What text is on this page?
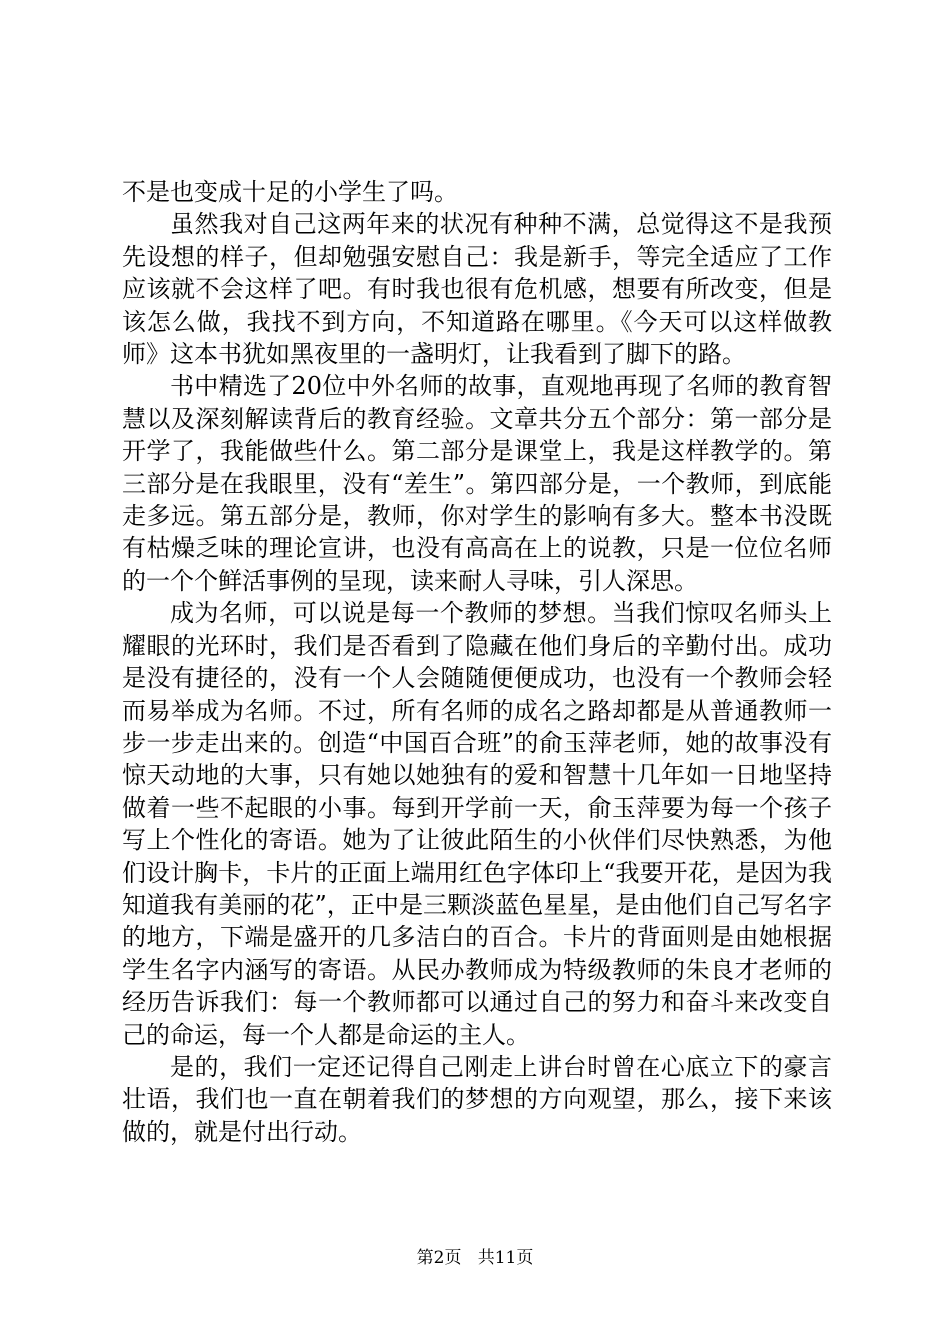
不是也变成十足的小学生了吗。

虽然我对自己这两年来的状况有种种不满，总觉得这不是我预先设想的样子，但却勉强安慰自己：我是新手，等完全适应了工作应该就不会这样了吧。有时我也很有危机感，想要有所改变，但是该怎么做，我找不到方向，不知道路在哪里。《今天可以这样做教师》这本书犹如黑夜里的一盏明灯，让我看到了脚下的路。

书中精选了20位中外名师的故事，直观地再现了名师的教育智慧以及深刻解读背后的教育经验。文章共分五个部分：第一部分是开学了，我能做些什么。第二部分是课堂上，我是这样教学的。第三部分是在我眼里，没有“差生”。第四部分是，一个教师，到底能走多远。第五部分是，教师，你对学生的影响有多大。整本书没既有枯燥乏味的理论宣讲，也没有高高在上的说教，只是一位位名师的一个个鲜活事例的呈现，读来耐人寻味，引人深思。

成为名师，可以说是每一个教师的梦想。当我们惊叹名师头上耀眼的光环时，我们是否看到了隐藏在他们身后的辛勤付出。成功是没有捷径的，没有一个人会随随便便成功，也没有一个教师会轻而易举成为名师。不过，所有名师的成名之路却都是从普通教师一步一步走出来的。创造“中国百合班”的俞玉萍老师，她的故事没有惊天动地的大事，只有她以她独有的爱和智慧十几年如一日地坚持做着一些不起眼的小事。每到开学前一天，俞玉萍要为每一个孩子写上个性化的寄语。她为了让彼此陌生的小伙伴们尽快熟悉，为他们设计胸卡，卡片的正面上端用红色字体印上“我要开花，是因为我知道我有美丽的花”，正中是三颗淡蓝色星星，是由他们自己写名字的地方，下端是盛开的几多洁白的百合。卡片的背面则是由她根据学生名字内涵写的寄语。从民办教师成为特级教师的朱良才老师的经历告诉我们：每一个教师都可以通过自己的努力和奋斗来改变自己的命运，每一个人都是命运的主人。

是的，我们一定还记得自己刚走上讲台时曾在心底立下的豪言壮语，我们也一直在朝着我们的梦想的方向观望，那么，接下来该做的，就是付出行动。

第2页 共11页
